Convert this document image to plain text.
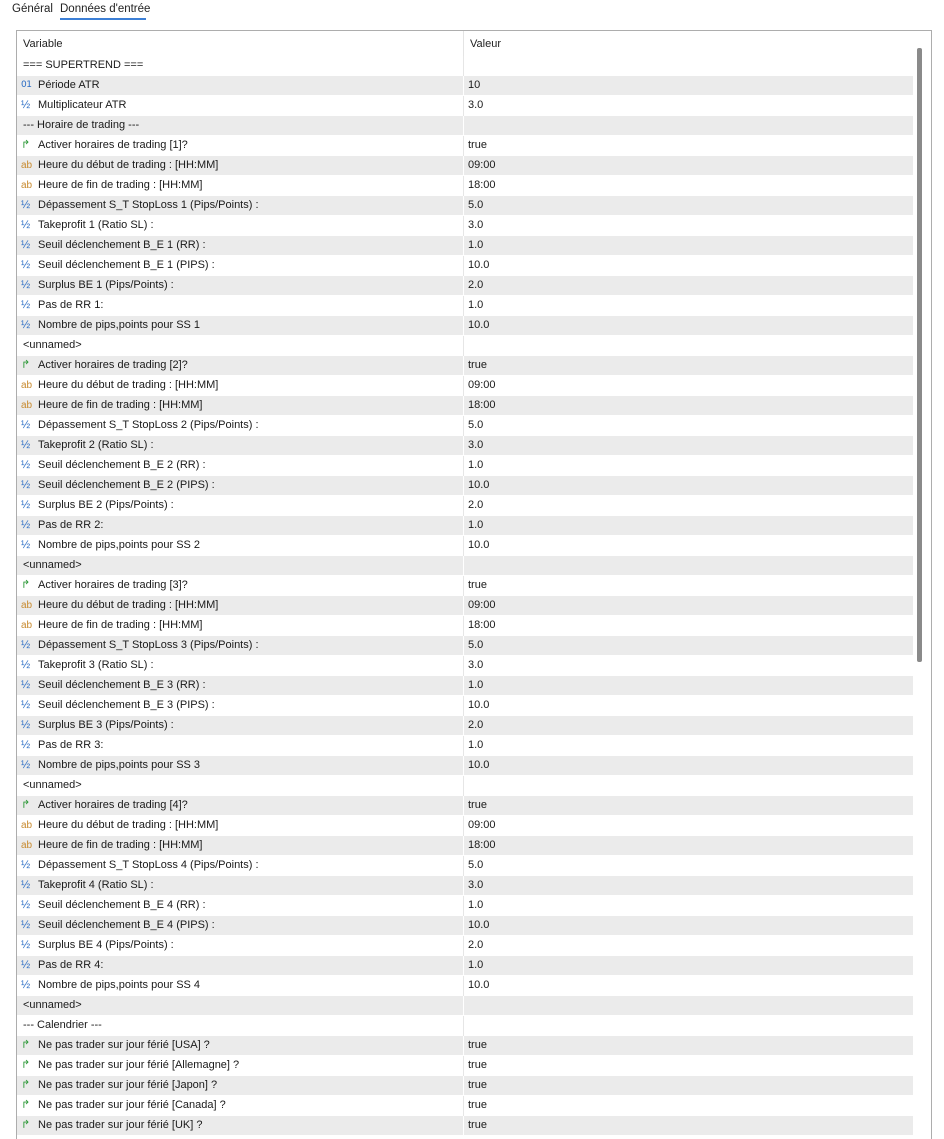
Général Données d'entrée
Variable	Valeur
=== SUPERTREND ===
01 Période ATR	10
½ Multiplicateur ATR	3.0
--- Horaire de trading ---
↱ Activer horaires de trading [1]?	true
ab Heure du début de trading : [HH:MM]	09:00
ab Heure de fin de trading : [HH:MM]	18:00
½ Dépassement S_T StopLoss 1 (Pips/Points) :	5.0
½ Takeprofit 1 (Ratio SL) :	3.0
½ Seuil déclenchement B_E 1 (RR) :	1.0
½ Seuil déclenchement B_E 1 (PIPS) :	10.0
½ Surplus BE 1 (Pips/Points) :	2.0
½ Pas de RR 1:	1.0
½ Nombre de pips,points pour SS 1	10.0
<unnamed>
↱ Activer horaires de trading [2]?	true
ab Heure du début de trading : [HH:MM]	09:00
ab Heure de fin de trading : [HH:MM]	18:00
½ Dépassement S_T StopLoss 2 (Pips/Points) :	5.0
½ Takeprofit 2 (Ratio SL) :	3.0
½ Seuil déclenchement B_E 2 (RR) :	1.0
½ Seuil déclenchement B_E 2 (PIPS) :	10.0
½ Surplus BE 2 (Pips/Points) :	2.0
½ Pas de RR 2:	1.0
½ Nombre de pips,points pour SS 2	10.0
<unnamed>
↱ Activer horaires de trading [3]?	true
ab Heure du début de trading : [HH:MM]	09:00
ab Heure de fin de trading : [HH:MM]	18:00
½ Dépassement S_T StopLoss 3 (Pips/Points) :	5.0
½ Takeprofit 3 (Ratio SL) :	3.0
½ Seuil déclenchement B_E 3 (RR) :	1.0
½ Seuil déclenchement B_E 3 (PIPS) :	10.0
½ Surplus BE 3 (Pips/Points) :	2.0
½ Pas de RR 3:	1.0
½ Nombre de pips,points pour SS 3	10.0
<unnamed>
↱ Activer horaires de trading [4]?	true
ab Heure du début de trading : [HH:MM]	09:00
ab Heure de fin de trading : [HH:MM]	18:00
½ Dépassement S_T StopLoss 4 (Pips/Points) :	5.0
½ Takeprofit 4 (Ratio SL) :	3.0
½ Seuil déclenchement B_E 4 (RR) :	1.0
½ Seuil déclenchement B_E 4 (PIPS) :	10.0
½ Surplus BE 4 (Pips/Points) :	2.0
½ Pas de RR 4:	1.0
½ Nombre de pips,points pour SS 4	10.0
<unnamed>
--- Calendrier ---
↱ Ne pas trader sur jour férié [USA] ?	true
↱ Ne pas trader sur jour férié [Allemagne] ?	true
↱ Ne pas trader sur jour férié [Japon] ?	true
↱ Ne pas trader sur jour férié [Canada] ?	true
↱ Ne pas trader sur jour férié [UK] ?	true
